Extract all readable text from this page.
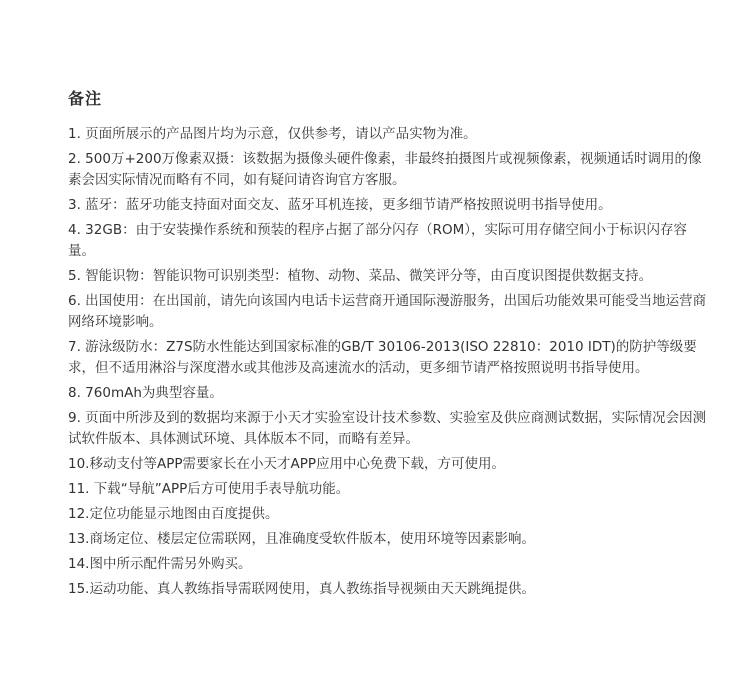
备注
1. 页面所展示的产品图片均为示意，仅供参考，请以产品实物为准。
2. 500万+200万像素双摄：该数据为摄像头硬件像素，非最终拍摄图片或视频像素，视频通话时调用的像素会因实际情况而略有不同，如有疑问请咨询官方客服。
3. 蓝牙：蓝牙功能支持面对面交友、蓝牙耳机连接，更多细节请严格按照说明书指导使用。
4. 32GB：由于安装操作系统和预装的程序占据了部分闪存（ROM），实际可用存储空间小于标识闪存容量。
5. 智能识物：智能识物可识别类型：植物、动物、菜品、微笑评分等，由百度识图提供数据支持。
6. 出国使用：在出国前，请先向该国内电话卡运营商开通国际漫游服务，出国后功能效果可能受当地运营商网络环境影响。
7. 游泳级防水：Z7S防水性能达到国家标准的GB/T 30106-2013(ISO 22810：2010 IDT)的防护等级要求，但不适用淋浴与深度潜水或其他涉及高速流水的活动，更多细节请严格按照说明书指导使用。
8. 760mAh为典型容量。
9. 页面中所涉及到的数据均来源于小天才实验室设计技术参数、实验室及供应商测试数据，实际情况会因测试软件版本、具体测试环境、具体版本不同，而略有差异。
10.移动支付等APP需要家长在小天才APP应用中心免费下载，方可使用。
11. 下载“导航”APP后方可使用手表导航功能。
12.定位功能显示地图由百度提供。
13.商场定位、楼层定位需联网，且准确度受软件版本，使用环境等因素影响。
14.图中所示配件需另外购买。
15.运动功能、真人教练指导需联网使用，真人教练指导视频由天天跳绳提供。
